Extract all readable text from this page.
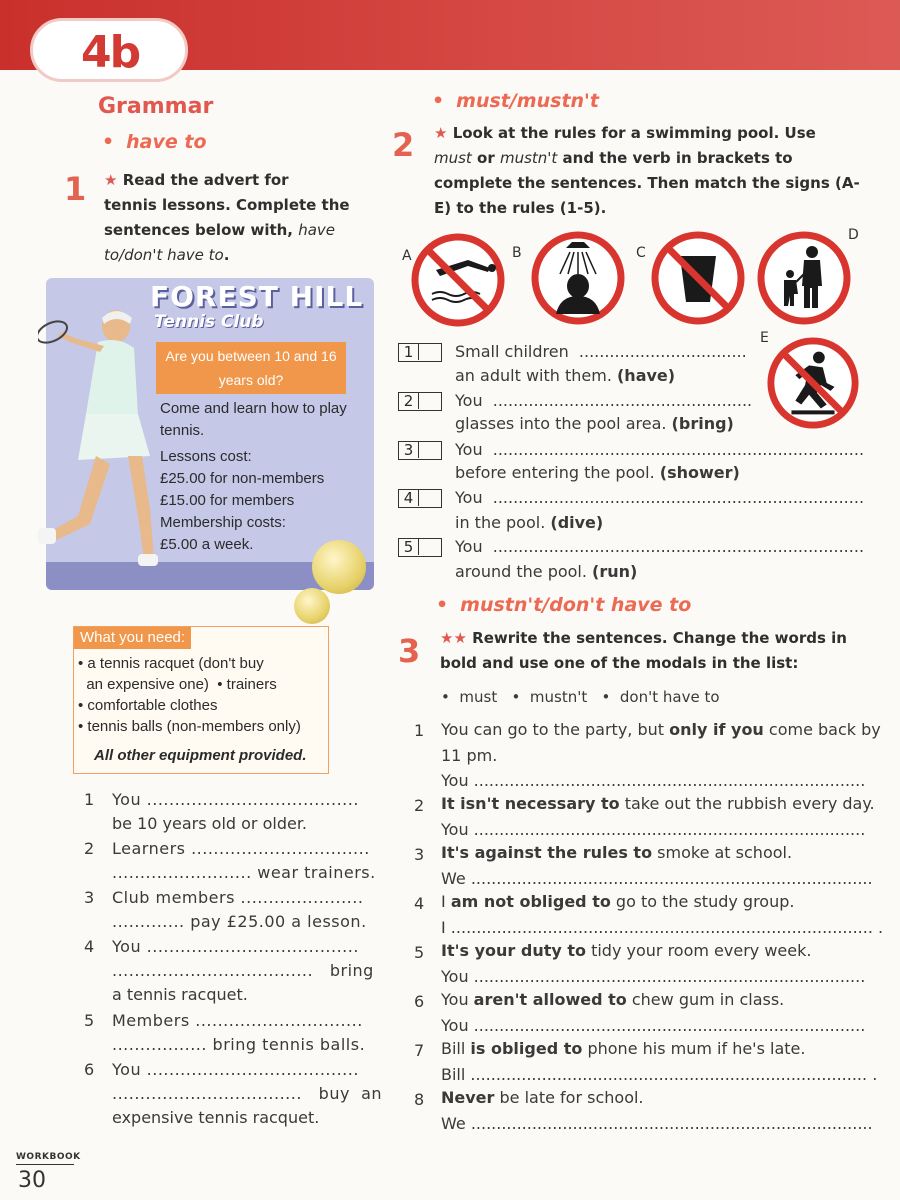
4b
Grammar
• have to
1 ★ Read the advert for
tennis lessons. Complete the
sentences below with, have
to/don't have to.
FOREST HILL
Tennis Club
Are you between 10 and 16
years old?
Come and learn how to play
tennis.
Lessons cost:
£25.00 for non-members
£15.00 for members
Membership costs:
£5.00 a week.
What you need:
• a tennis racquet (don't buy
an expensive one)  • trainers
• comfortable clothes
• tennis balls (non-members only)
All other equipment provided.
1	You ......................................
be 10 years old or older.
2	Learners ................................
......................... wear trainers.
3	Club members ......................
............. pay £25.00 a lesson.
4	You ......................................
....................................   bring
a tennis racquet.
5	Members ..............................
................. bring tennis balls.
6	You ......................................
..................................   buy  an
expensive tennis racquet.
• must/mustn't
2 ★ Look at the rules for a swimming pool. Use
must or mustn't and the verb in brackets to
complete the sentences. Then match the signs (A-
E) to the rules (1-5).
A	B	C
D
E
1	Small children  .................................
an adult with them. (have)
2	You  ...................................................
glasses into the pool area. (bring)
3	You  .........................................................................
before entering the pool. (shower)
4	You  .........................................................................
in the pool. (dive)
5	You  .........................................................................
around the pool. (run)
• mustn't/don't have to
3 ★★ Rewrite the sentences. Change the words in
bold and use one of the modals in the list:
•  must   •  mustn't   •  don't have to
1 You can go to the party, but only if you come back by
11 pm.
You .............................................................................
2 It isn't necessary to take out the rubbish every day.
You .............................................................................
3 It's against the rules to smoke at school.
We ...............................................................................
4 I am not obliged to go to the study group.
I ................................................................................... .
5 It's your duty to tidy your room every week.
You .............................................................................
6 You aren't allowed to chew gum in class.
You .............................................................................
7 Bill is obliged to phone his mum if he's late.
Bill .............................................................................. .
8 Never be late for school.
We ...............................................................................
WORKBOOK
30
